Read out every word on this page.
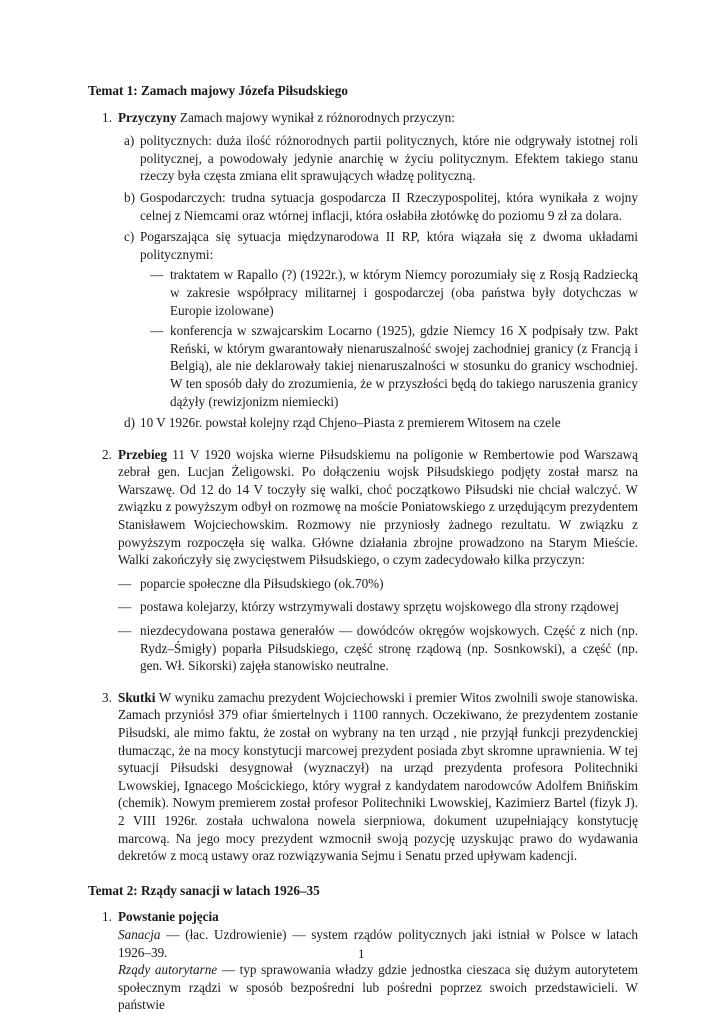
Temat 1: Zamach majowy Józefa Piłsudskiego
1. Przyczyny Zamach majowy wynikał z różnorodnych przyczyn:
a) politycznych: duża ilość różnorodnych partii politycznych, które nie odgrywały istotnej roli politycznej, a powodowały jedynie anarchię w życiu politycznym. Efektem takiego stanu rzeczy była częsta zmiana elit sprawujących władzę polityczną.
b) Gospodarczych: trudna sytuacja gospodarcza II Rzeczypospolitej, która wynikała z wojny celnej z Niemcami oraz wtórnej inflacji, która osłabiła złotówkę do poziomu 9 zł za dolara.
c) Pogarszająca się sytuacja międzynarodowa II RP, która wiązała się z dwoma układami politycznymi:
— traktatem w Rapallo (?) (1922r.), w którym Niemcy porozumiały się z Rosją Radziecką w zakresie współpracy militarnej i gospodarczej (oba państwa były dotychczas w Europie izolowane)
— konferencja w szwajcarskim Locarno (1925), gdzie Niemcy 16 X podpisały tzw. Pakt Reński, w którym gwarantowały nienaruszalność swojej zachodniej granicy (z Francją i Belgią), ale nie deklarowały takiej nienaruszalności w stosunku do granicy wschodniej. W ten sposób dały do zrozumienia, że w przyszłości będą do takiego naruszenia granicy dążyły (rewizjonizm niemiecki)
d) 10 V 1926r. powstał kolejny rząd Chjeno–Piasta z premierem Witosem na czele
2. Przebieg 11 V 1920 wojska wierne Piłsudskiemu na poligonie w Rembertowie pod Warszawą zebrał gen. Lucjan Żeligowski. Po dołączeniu wojsk Piłsudskiego podjęty został marsz na Warszawę. Od 12 do 14 V toczyły się walki, choć początkowo Piłsudski nie chciał walczyć. W związku z powyższym odbył on rozmowę na moście Poniatowskiego z urzędującym prezydentem Stanisławem Wojciechowskim. Rozmowy nie przyniosły żadnego rezultatu. W związku z powyższym rozpoczęła się walka. Główne działania zbrojne prowadzono na Starym Mieście. Walki zakończyły się zwycięstwem Piłsudskiego, o czym zadecydowało kilka przyczyn:
— poparcie społeczne dla Piłsudskiego (ok.70%)
— postawa kolejarzy, którzy wstrzymywali dostawy sprzętu wojskowego dla strony rządowej
— niezdecydowana postawa generałów — dowódców okręgów wojskowych. Część z nich (np. Rydz–Śmigły) poparła Piłsudskiego, część stronę rządową (np. Sosnkowski), a część (np. gen. Wł. Sikorski) zajęła stanowisko neutralne.
3. Skutki W wyniku zamachu prezydent Wojciechowski i premier Witos zwolnili swoje stanowiska. Zamach przyniósł 379 ofiar śmiertelnych i 1100 rannych. Oczekiwano, że prezydentem zostanie Piłsudski, ale mimo faktu, że został on wybrany na ten urząd , nie przyjął funkcji prezydenckiej tłumacząc, że na mocy konstytucji marcowej prezydent posiada zbyt skromne uprawnienia. W tej sytuacji Piłsudski desygnował (wyznaczył) na urząd prezydenta profesora Politechniki Lwowskiej, Ignacego Mościckiego, który wygrał z kandydatem narodowców Adolfem Bniňskim (chemik). Nowym premierem został profesor Politechniki Lwowskiej, Kazimierz Bartel (fizyk J). 2 VIII 1926r. została uchwalona nowela sierpniowa, dokument uzupełniający konstytucję marcową. Na jego mocy prezydent wzmocnił swoją pozycję uzyskując prawo do wydawania dekretów z mocą ustawy oraz rozwiązywania Sejmu i Senatu przed upływam kadencji.
Temat 2: Rządy sanacji w latach 1926–35
1. Powstanie pojęcia
Sanacja — (łac. Uzdrowienie) — system rządów politycznych jaki istniał w Polsce w latach 1926–39.
Rządy autorytarne — typ sprawowania władzy gdzie jednostka cieszaca się dużym autorytetem społecznym rządzi w sposób bezpośredni lub pośredni poprzez swoich przedstawicieli. W państwie
1
